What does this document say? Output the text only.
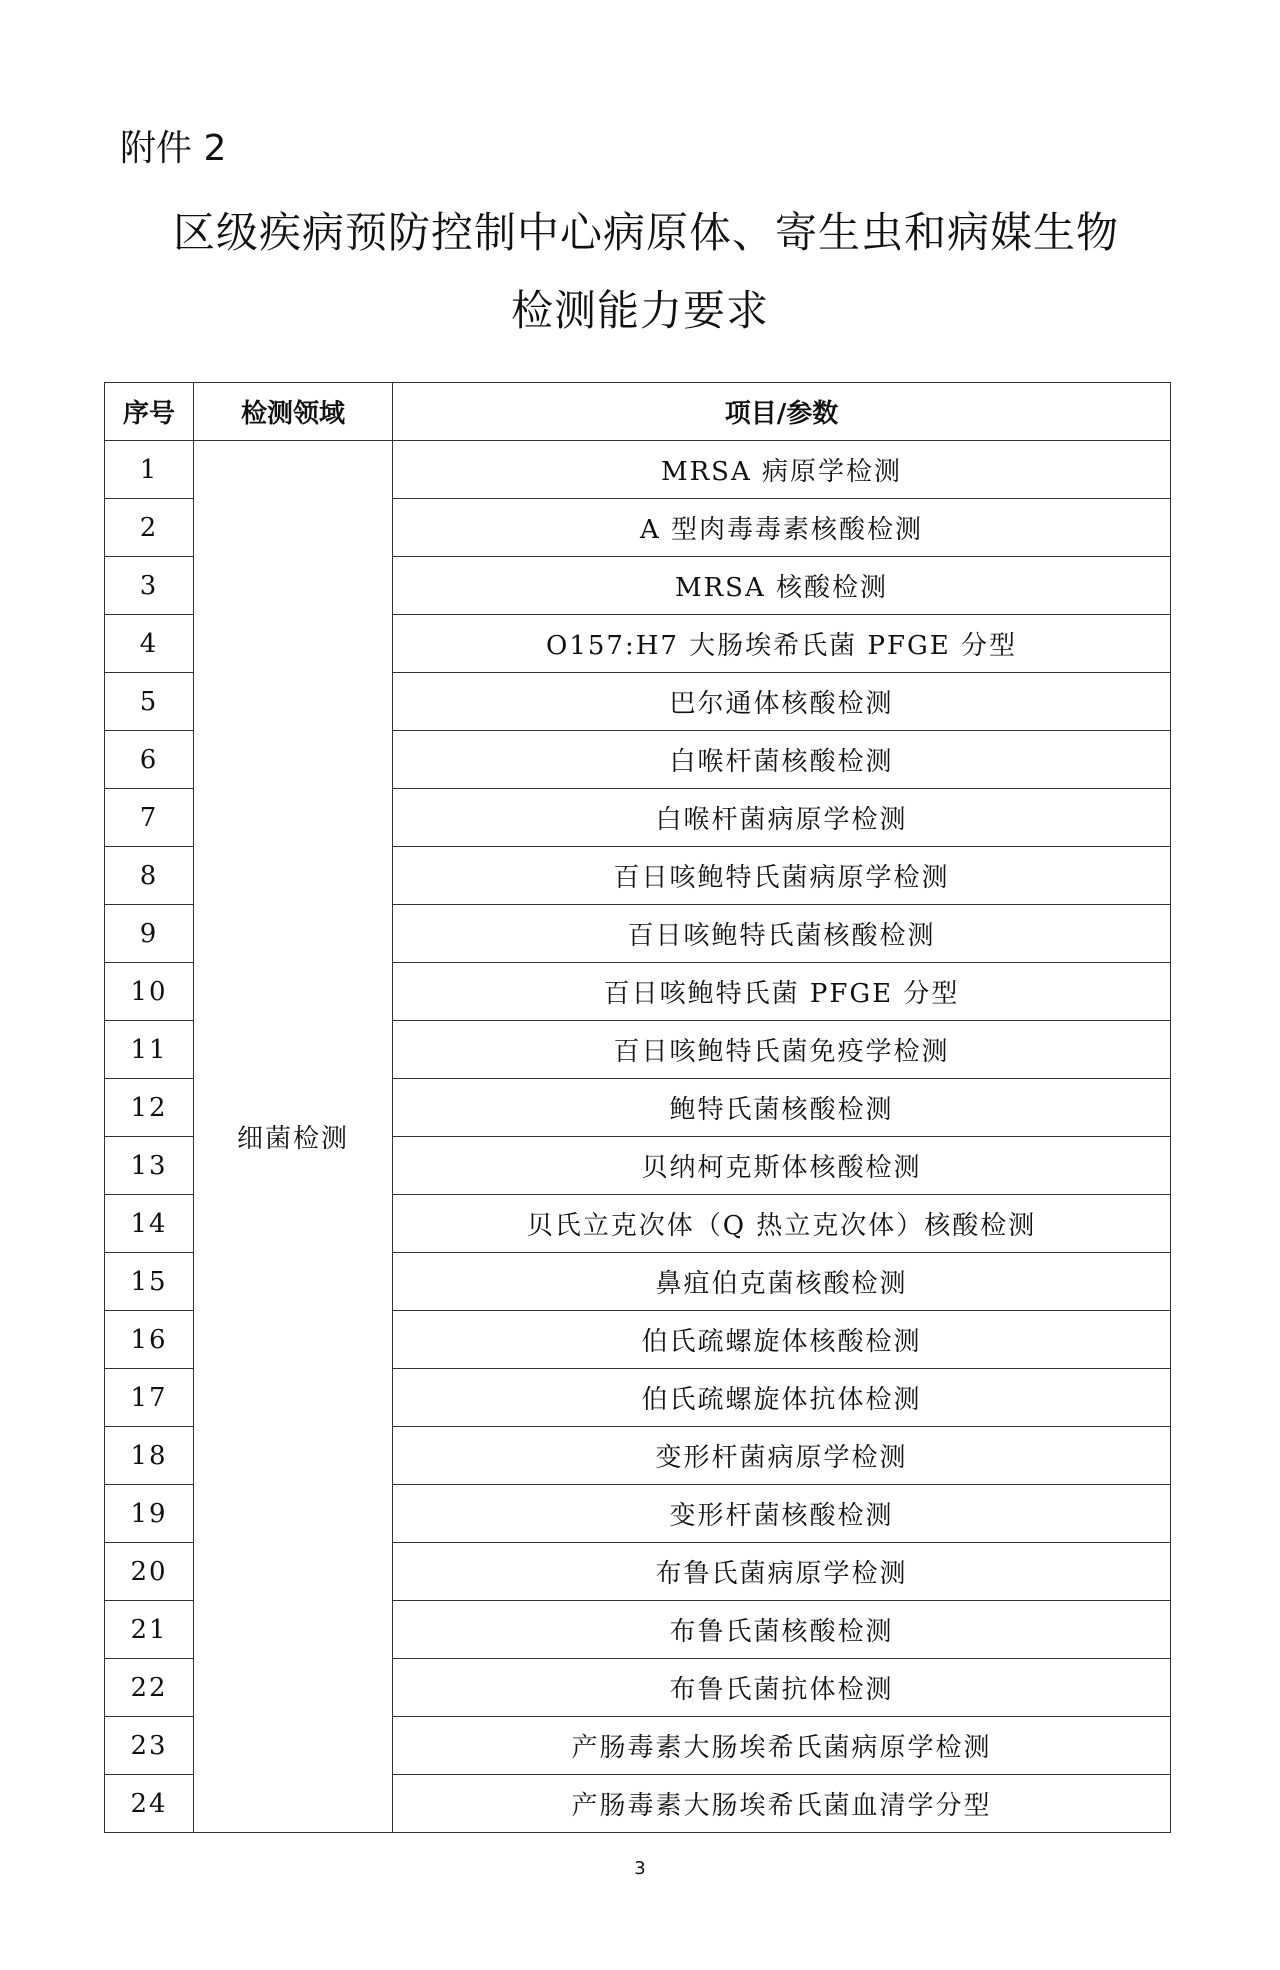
附件 2
区级疾病预防控制中心病原体、寄生虫和病媒生物
检测能力要求
序号	检测领域	项目/参数
1	细菌检测	MRSA 病原学检测
2		A 型肉毒毒素核酸检测
3		MRSA 核酸检测
4		O157:H7 大肠埃希氏菌 PFGE 分型
5		巴尔通体核酸检测
6		白喉杆菌核酸检测
7		白喉杆菌病原学检测
8		百日咳鲍特氏菌病原学检测
9		百日咳鲍特氏菌核酸检测
10		百日咳鲍特氏菌 PFGE 分型
11		百日咳鲍特氏菌免疫学检测
12		鲍特氏菌核酸检测
13		贝纳柯克斯体核酸检测
14		贝氏立克次体（Q 热立克次体）核酸检测
15		鼻疽伯克菌核酸检测
16		伯氏疏螺旋体核酸检测
17		伯氏疏螺旋体抗体检测
18		变形杆菌病原学检测
19		变形杆菌核酸检测
20		布鲁氏菌病原学检测
21		布鲁氏菌核酸检测
22		布鲁氏菌抗体检测
23		产肠毒素大肠埃希氏菌病原学检测
24		产肠毒素大肠埃希氏菌血清学分型
3
